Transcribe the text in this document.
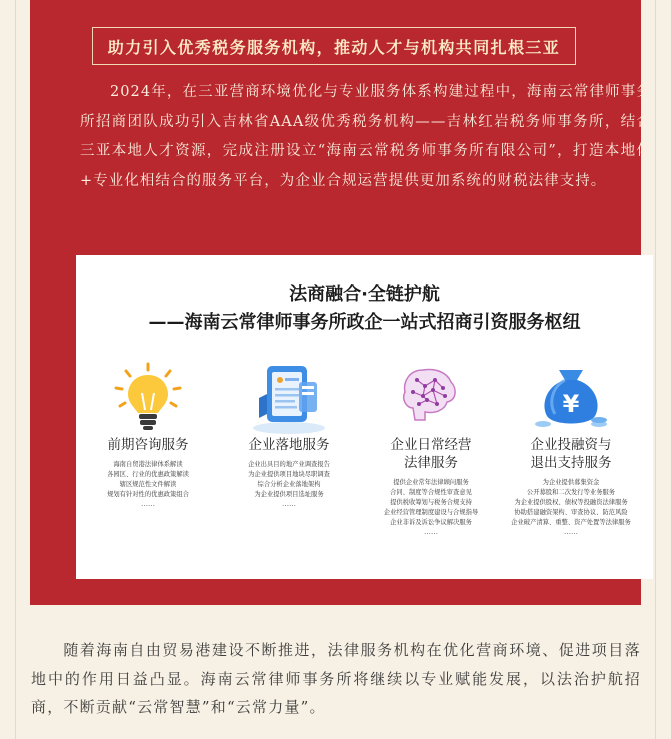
助力引入优秀税务服务机构，推动人才与机构共同扎根三亚

2024年，在三亚营商环境优化与专业服务体系构建过程中，海南云常律师事务所招商团队成功引入吉林省AAA级优秀税务机构——吉林红岩税务师事务所，结合三亚本地人才资源，完成注册设立“海南云常税务师事务所有限公司”，打造本地化+专业化相结合的服务平台，为企业合规运营提供更加系统的财税法律支持。

法商融合·全链护航
——海南云常律师事务所政企一站式招商引资服务枢纽
前期咨询服务
海南自贸港法律体系解读
各园区、行业的优惠政策解读
辖区规范性文件解读
规划有针对性的优惠政策组合
……
企业落地服务
企业出具目的地产业调查报告
为企业提供项目地块尽职调查
综合分析企业落地架构
为企业提供项目选址服务
……
企业日常经营
法律服务
提供企业常年法律顾问服务
合同、制度等合规性审查意见
提供税收筹划与税务合规支持
企业经营管理制度建设与合规指导
企业非诉及诉讼争议解决服务
……
¥
企业投融资与
退出支持服务
为企业提供募集资金
公开募股和二次发行等业务服务
为企业提供股权、债权等投融资法律服务
协助搭建融资架构、审查协议、防范风险
企业破产清算、重整、资产处置等法律服务
……

随着海南自由贸易港建设不断推进，法律服务机构在优化营商环境、促进项目落地中的作用日益凸显。海南云常律师事务所将继续以专业赋能发展，以法治护航招商，不断贡献“云常智慧”和“云常力量”。
